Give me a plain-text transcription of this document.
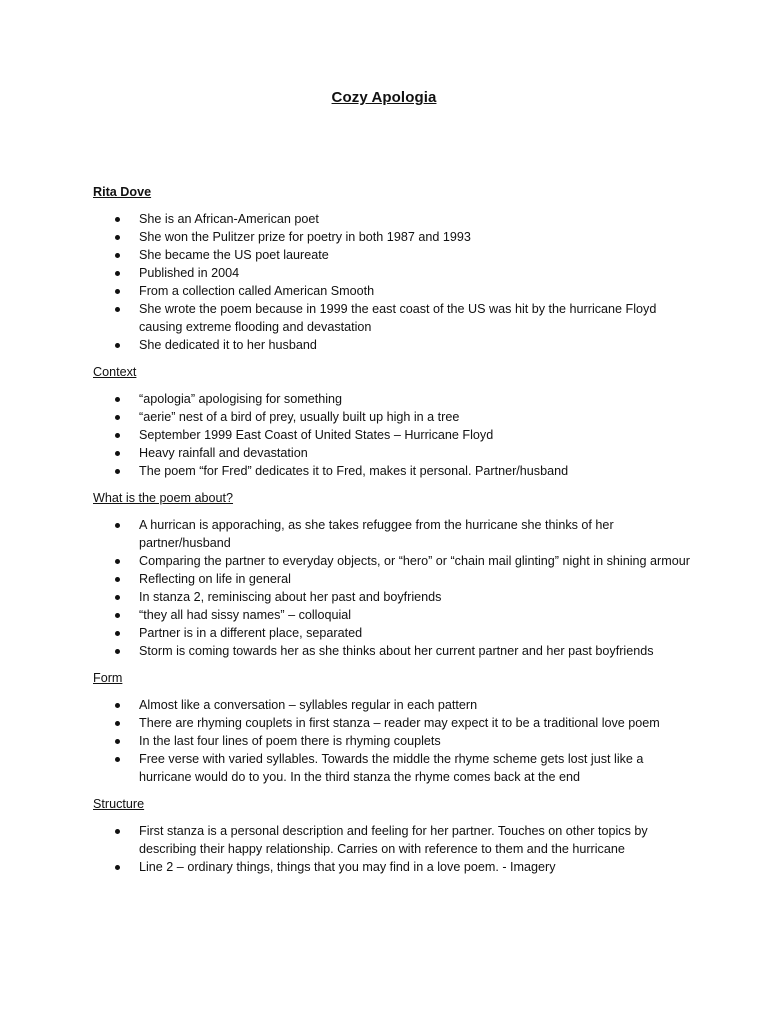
Cozy Apologia
Rita Dove
She is an African-American poet
She won the Pulitzer prize for poetry in both 1987 and 1993
She became the US poet laureate
Published in 2004
From a collection called American Smooth
She wrote the poem because in 1999 the east coast of the US was hit by the hurricane Floyd causing extreme flooding and devastation
She dedicated it to her husband
Context
“apologia” apologising for something
“aerie” nest of a bird of prey, usually built up high in a tree
September 1999 East Coast of United States – Hurricane Floyd
Heavy rainfall and devastation
The poem “for Fred” dedicates it to Fred, makes it personal. Partner/husband
What is the poem about?
A hurrican is apporaching, as she takes refuggee from the hurricane she thinks of her partner/husband
Comparing the partner to everyday objects, or “hero” or “chain mail glinting” night in shining armour
Reflecting on life in general
In stanza 2, reminiscing about her past and boyfriends
“they all had sissy names” – colloquial
Partner is in a different place, separated
Storm is coming towards her as she thinks about her current partner and her past boyfriends
Form
Almost like a conversation – syllables regular in each pattern
There are rhyming couplets in first stanza – reader may expect it to be a traditional love poem
In the last four lines of poem there is rhyming couplets
Free verse with varied syllables. Towards the middle the rhyme scheme gets lost just like a hurricane would do to you. In the third stanza the rhyme comes back at the end
Structure
First stanza is a personal description and feeling for her partner. Touches on other topics by describing their happy relationship. Carries on with reference to them and the hurricane
Line 2 – ordinary things, things that you may find in a love poem. - Imagery
